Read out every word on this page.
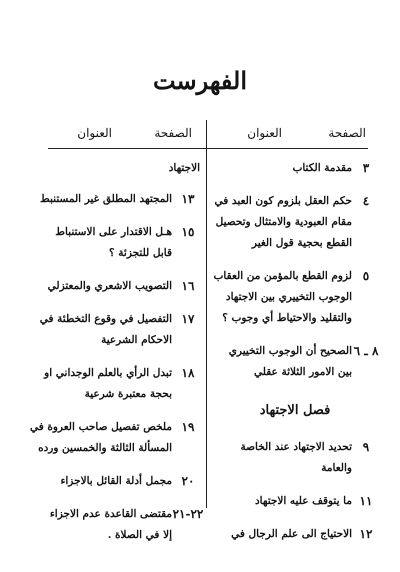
الفهرست
الصفحة
العنوان
الصفحة
العنوان
٣
مقدمة الكتاب
٤
حكم العقل بلزوم كون العبد في
مقام العبودية والامتثال وتحصيل
القطع بحجية قول الغير
٥
لزوم القطع بالمؤمن من العقاب
الوجوب التخييري بين الاجتهاد
والتقليد والاحتياط أي وجوب ؟
٨ ـ ٦
الصحيح أن الوجوب التخييري
بين الامور الثلاثة عقلي
فصل الاجتهاد
٩
تحديد الاجتهاد عند الخاصة
والعامة
١١
ما يتوقف عليه الاجتهاد
١٢
الاحتياج الى علم الرجال في
الاجتهاد
١٣
المجتهد المطلق غير المستنبط
١٥
هـل الاقتدار على الاستنباط
قابل للتجزئة ؟
١٦
التصويب الاشعري والمعتزلي
١٧
التفصيل في وقوع التخطئة في
الاحكام الشرعية
١٨
تبدل الرأي بالعلم الوجداني او
بحجة معتبرة شرعية
١٩
ملخص تفصيل صاحب العروة في
المسألة الثالثة والخمسين ورده
٢٠
مجمل أدلة القائل بالاجزاء
٢٢-٢١
مقتضى القاعدة عدم الاجزاء
إلا في الصلاة .
